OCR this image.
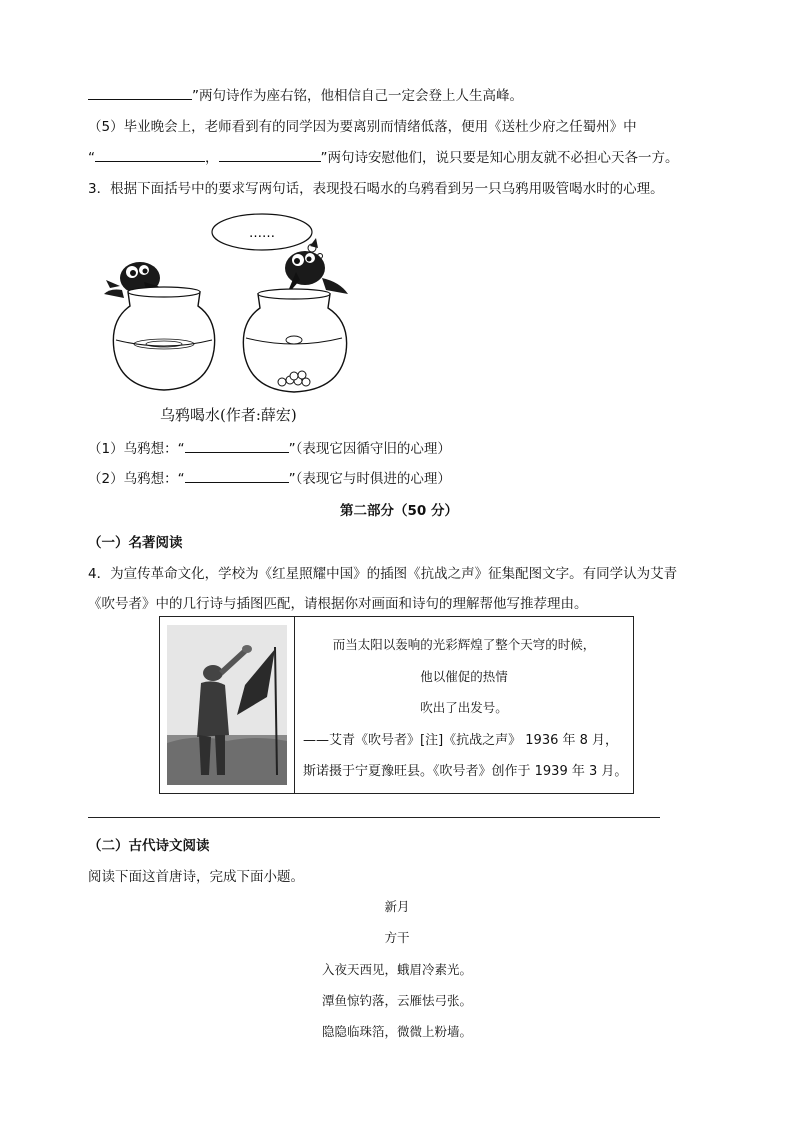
”两句诗作为座右铭，他相信自己一定会登上人生高峰。
（5）毕业晚会上，老师看到有的同学因为要离别而情绪低落，便用《送杜少府之任蜀州》中
“	，	”两句诗安慰他们，说只要是知心朋友就不必担心天各一方。
3．根据下面括号中的要求写两句话，表现投石喝水的乌鸦看到另一只乌鸦用吸管喝水时的心理。
……
乌鸦喝水(作者:薛宏)
（1）乌鸦想：“	”（表现它因循守旧的心理）
（2）乌鸦想：“	”（表现它与时俱进的心理）
第二部分（50 分）
（一）名著阅读
4．为宣传革命文化，学校为《红星照耀中国》的插图《抗战之声》征集配图文字。有同学认为艾青
《吹号者》中的几行诗与插图匹配，请根据你对画面和诗句的理解帮他写推荐理由。
而当太阳以轰响的光彩辉煌了整个天穹的时候，
他以催促的热情
吹出了出发号。
——艾青《吹号者》[注]《抗战之声》 1936 年 8 月，
斯诺摄于宁夏豫旺县。《吹号者》创作于 1939 年 3 月。
（二）古代诗文阅读
阅读下面这首唐诗，完成下面小题。
新月
方干
入夜天西见，蛾眉冷素光。
潭鱼惊钓落，云雁怯弓张。
隐隐临珠箔，微微上粉墙。
